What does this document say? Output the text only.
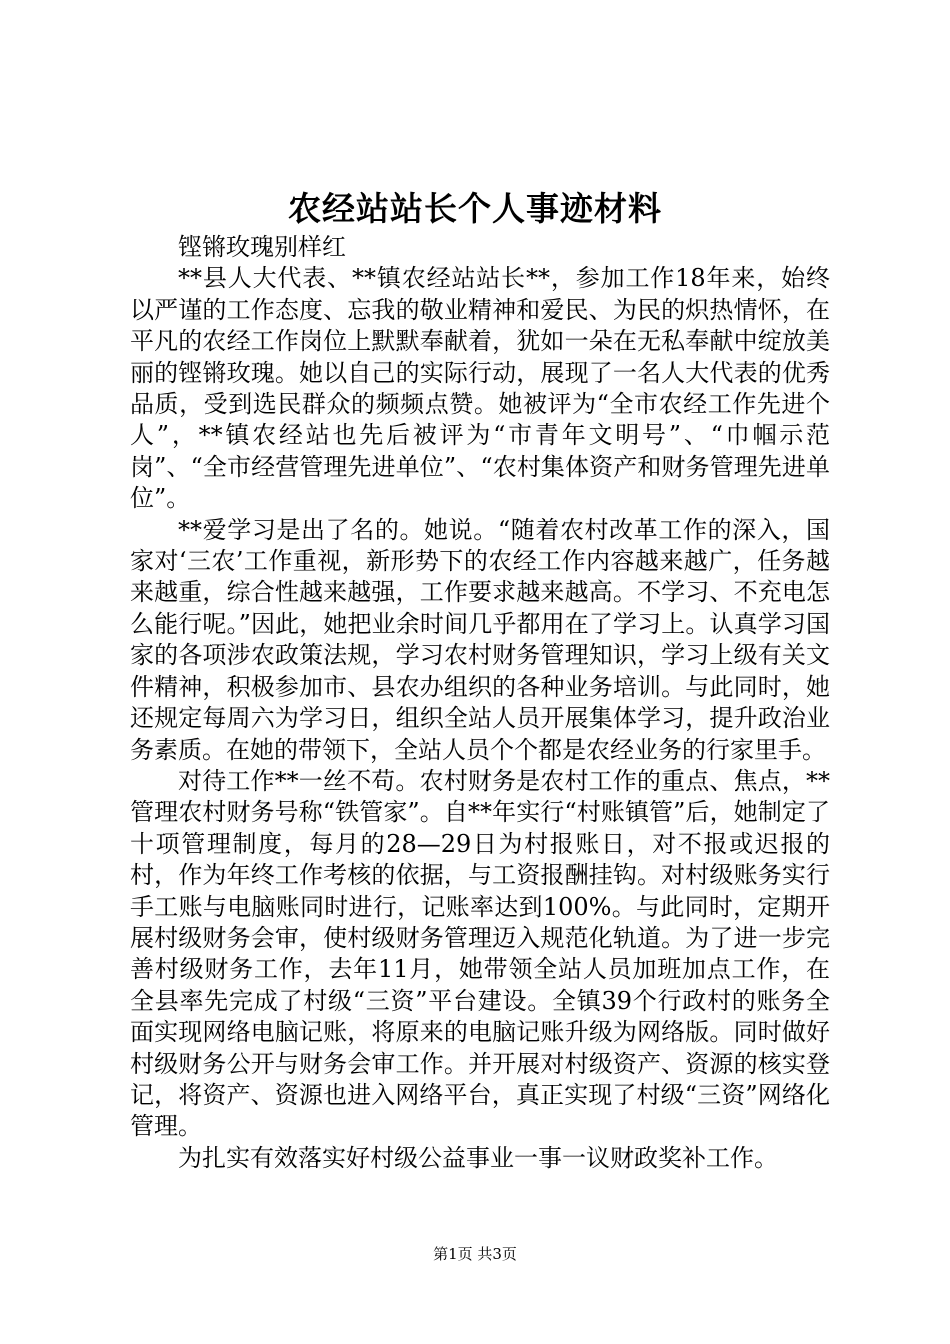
农经站站长个人事迹材料

铿锵玫瑰别样红

**县人大代表、**镇农经站站长**，参加工作18年来，始终以严谨的工作态度、忘我的敬业精神和爱民、为民的炽热情怀，在平凡的农经工作岗位上默默奉献着，犹如一朵在无私奉献中绽放美丽的铿锵玫瑰。她以自己的实际行动，展现了一名人大代表的优秀品质，受到选民群众的频频点赞。她被评为“全市农经工作先进个人”，**镇农经站也先后被评为“市青年文明号”、“巾帼示范岗”、“全市经营管理先进单位”、“农村集体资产和财务管理先进单位”。

**爱学习是出了名的。她说。“随着农村改革工作的深入，国家对‘三农’工作重视，新形势下的农经工作内容越来越广，任务越来越重，综合性越来越强，工作要求越来越高。不学习、不充电怎么能行呢。”因此，她把业余时间几乎都用在了学习上。认真学习国家的各项涉农政策法规，学习农村财务管理知识，学习上级有关文件精神，积极参加市、县农办组织的各种业务培训。与此同时，她还规定每周六为学习日，组织全站人员开展集体学习，提升政治业务素质。在她的带领下，全站人员个个都是农经业务的行家里手。

对待工作**一丝不苟。农村财务是农村工作的重点、焦点，**管理农村财务号称“铁管家”。自**年实行“村账镇管”后，她制定了十项管理制度，每月的28—29日为村报账日，对不报或迟报的村，作为年终工作考核的依据，与工资报酬挂钩。对村级账务实行手工账与电脑账同时进行，记账率达到100%。与此同时，定期开展村级财务会审，使村级财务管理迈入规范化轨道。为了进一步完善村级财务工作，去年11月，她带领全站人员加班加点工作，在全县率先完成了村级“三资”平台建设。全镇39个行政村的账务全面实现网络电脑记账，将原来的电脑记账升级为网络版。同时做好村级财务公开与财务会审工作。并开展对村级资产、资源的核实登记，将资产、资源也进入网络平台，真正实现了村级“三资”网络化管理。

为扎实有效落实好村级公益事业一事一议财政奖补工作。

第1页 共3页
